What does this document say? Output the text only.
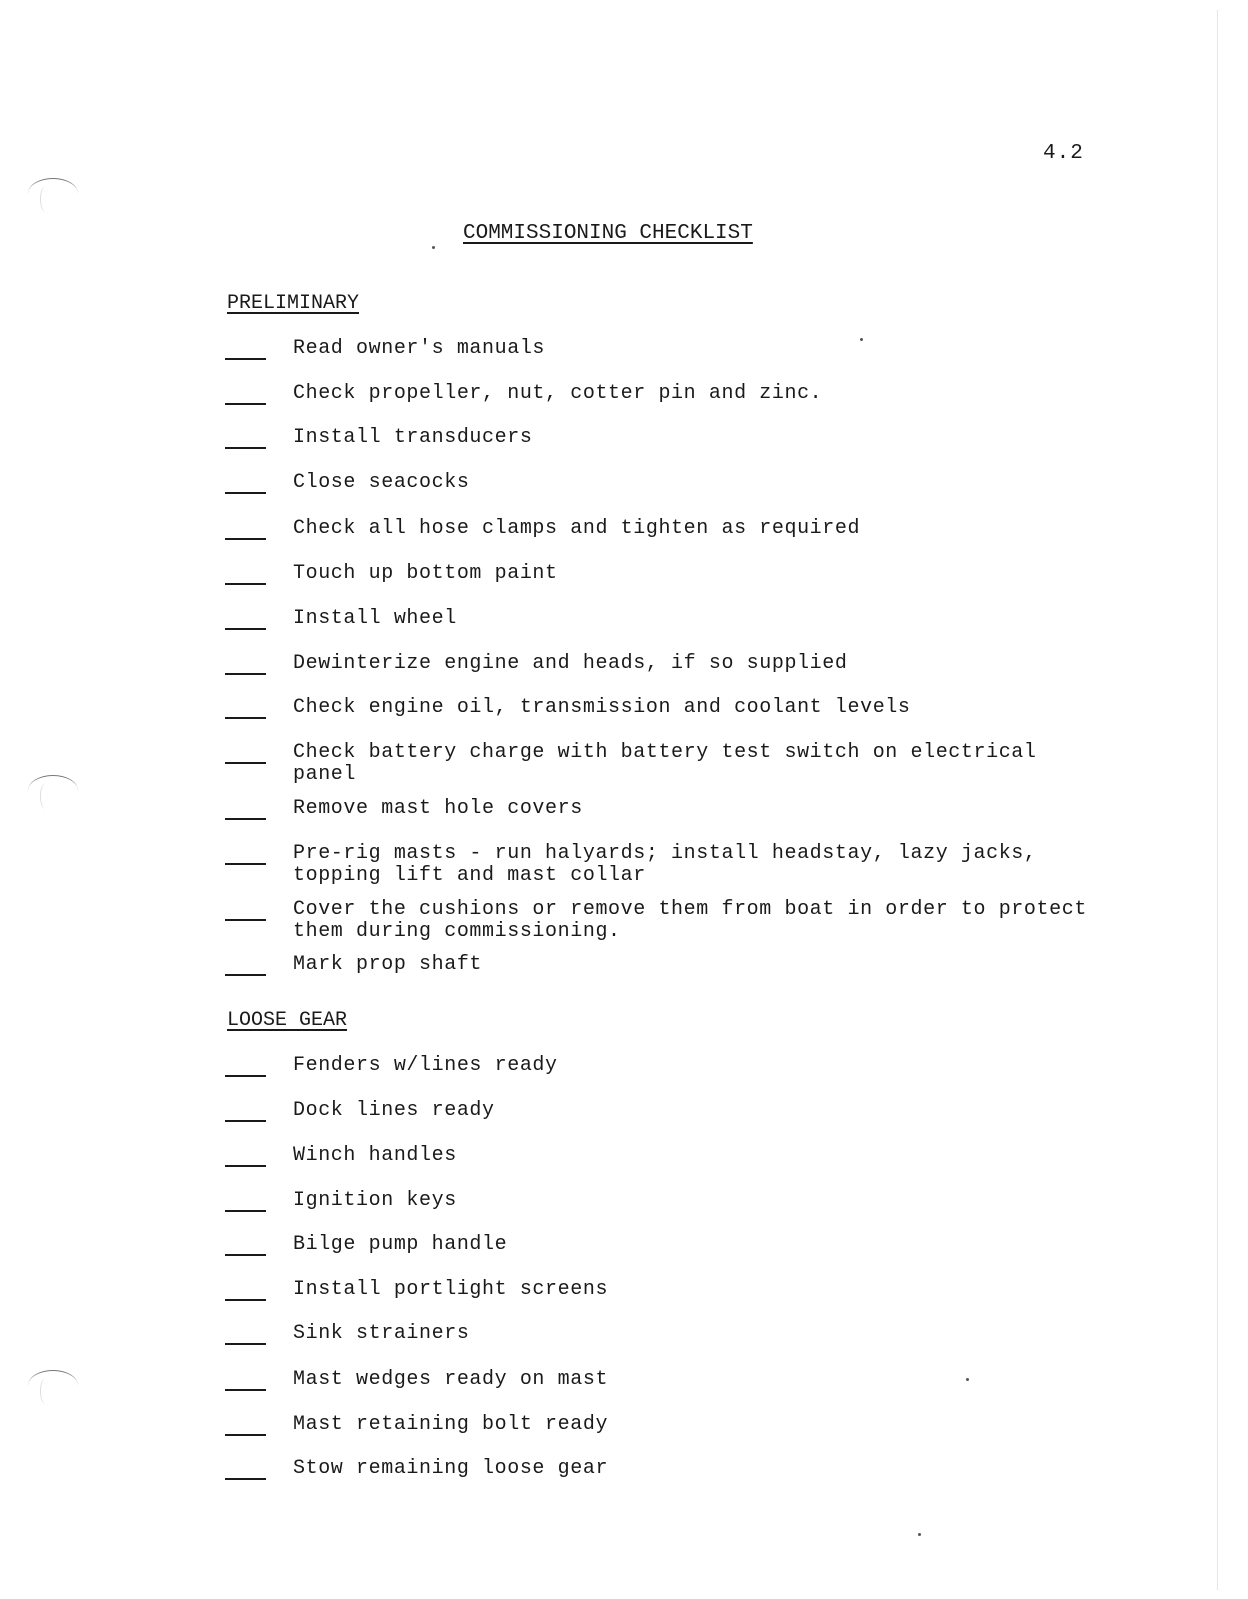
4.2
COMMISSIONING CHECKLIST
PRELIMINARY
Read owner's manuals
Check propeller, nut, cotter pin and zinc.
Install transducers
Close seacocks
Check all hose clamps and tighten as required
Touch up bottom paint
Install wheel
Dewinterize engine and heads, if so supplied
Check engine oil, transmission and coolant levels
Check battery charge with battery test switch on electrical panel
Remove mast hole covers
Pre-rig masts - run halyards; install headstay, lazy jacks, topping lift and mast collar
Cover the cushions or remove them from boat in order to protect them during commissioning.
Mark prop shaft
LOOSE GEAR
Fenders w/lines ready
Dock lines ready
Winch handles
Ignition keys
Bilge pump handle
Install portlight screens
Sink strainers
Mast wedges ready on mast
Mast retaining bolt ready
Stow remaining loose gear
